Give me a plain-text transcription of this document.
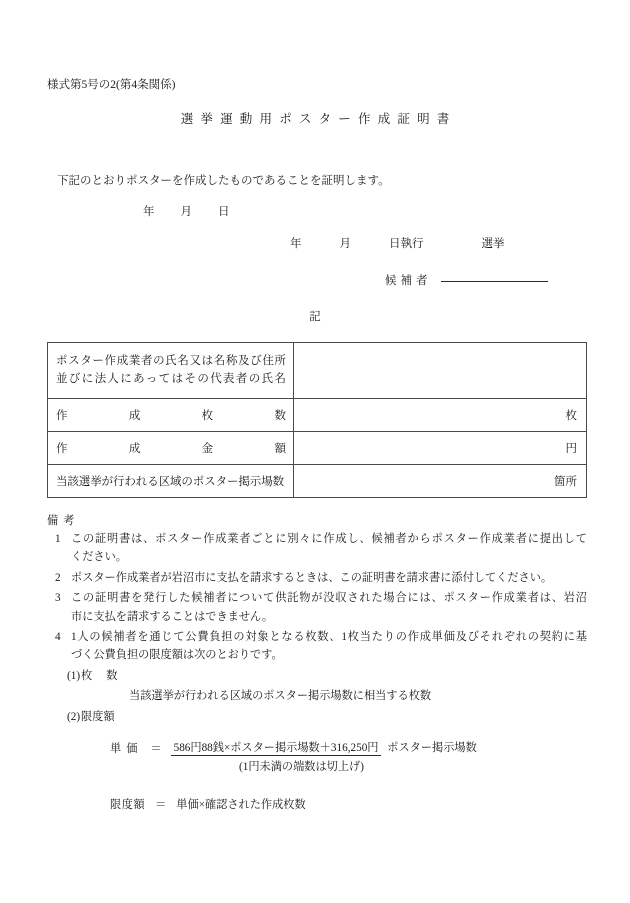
様式第5号の2(第4条関係)
選挙運動用ポスター作成証明書
下記のとおりポスターを作成したものであることを証明します。
年 月 日
年	月	日執行	選挙
候補者
記
ポスター作成業者の氏名又は名称及び住所
並びに法人にあってはその代表者の氏名	

作成枚数	枚

作成金額	円

当該選挙が行われる区域のポスター掲示場数	箇所
備考
1 この証明書は、ポスター作成業者ごとに別々に作成し、候補者からポスター作成業者に提出して
ください。
2 ポスター作成業者が岩沼市に支払を請求するときは、この証明書を請求書に添付してください。
3 この証明書を発行した候補者について供託物が没収された場合には、ポスター作成業者は、岩沼
市に支払を請求することはできません。
4 1人の候補者を通じて公費負担の対象となる枚数、1枚当たりの作成単価及びそれぞれの契約に基
づく公費負担の限度額は次のとおりです。
(1) 枚 数
当該選挙が行われる区域のポスター掲示場数に相当する枚数
(2) 限度額
単価 ＝	586円88銭×ポスター掲示場数＋316,250円 ポスター掲示場数
(1円未満の端数は切上げ)
限度額 ＝ 単価×確認された作成枚数
